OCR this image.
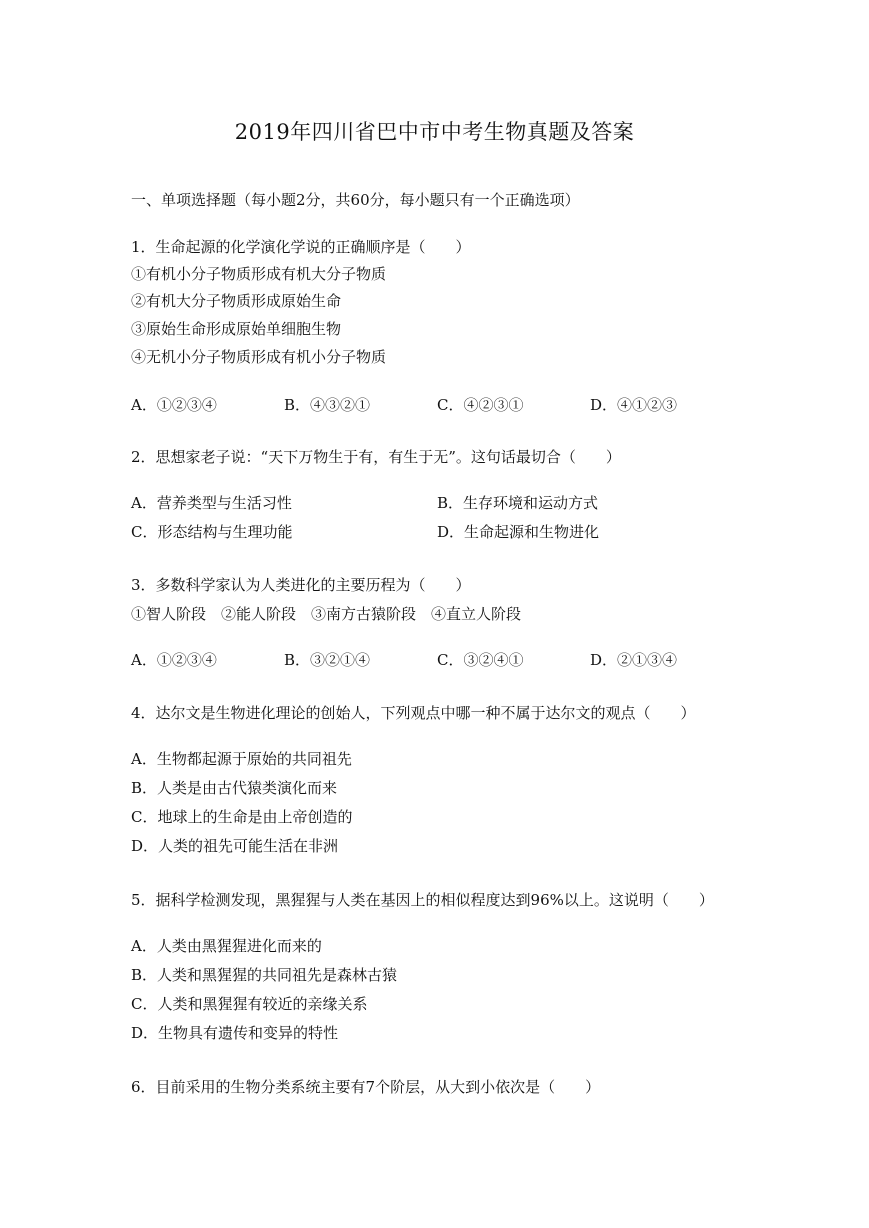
2019年四川省巴中市中考生物真题及答案
一、单项选择题（每小题2分，共60分，每小题只有一个正确选项）
1．生命起源的化学演化学说的正确顺序是（　　）
①有机小分子物质形成有机大分子物质
②有机大分子物质形成原始生命
③原始生命形成原始单细胞生物
④无机小分子物质形成有机小分子物质
A．①②③④	B．④③②①	C．④②③①	D．④①②③
2．思想家老子说：“天下万物生于有，有生于无”。这句话最切合（　　）
A．营养类型与生活习性	B．生存环境和运动方式
C．形态结构与生理功能	D．生命起源和生物进化
3．多数科学家认为人类进化的主要历程为（　　）
①智人阶段　②能人阶段　③南方古猿阶段　④直立人阶段
A．①②③④	B．③②①④	C．③②④①	D．②①③④
4．达尔文是生物进化理论的创始人，下列观点中哪一种不属于达尔文的观点（　　）
A．生物都起源于原始的共同祖先
B．人类是由古代猿类演化而来
C．地球上的生命是由上帝创造的
D．人类的祖先可能生活在非洲
5．据科学检测发现，黑猩猩与人类在基因上的相似程度达到96%以上。这说明（　　）
A．人类由黑猩猩进化而来的
B．人类和黑猩猩的共同祖先是森林古猿
C．人类和黑猩猩有较近的亲缘关系
D．生物具有遗传和变异的特性
6．目前采用的生物分类系统主要有7个阶层，从大到小依次是（　　）
